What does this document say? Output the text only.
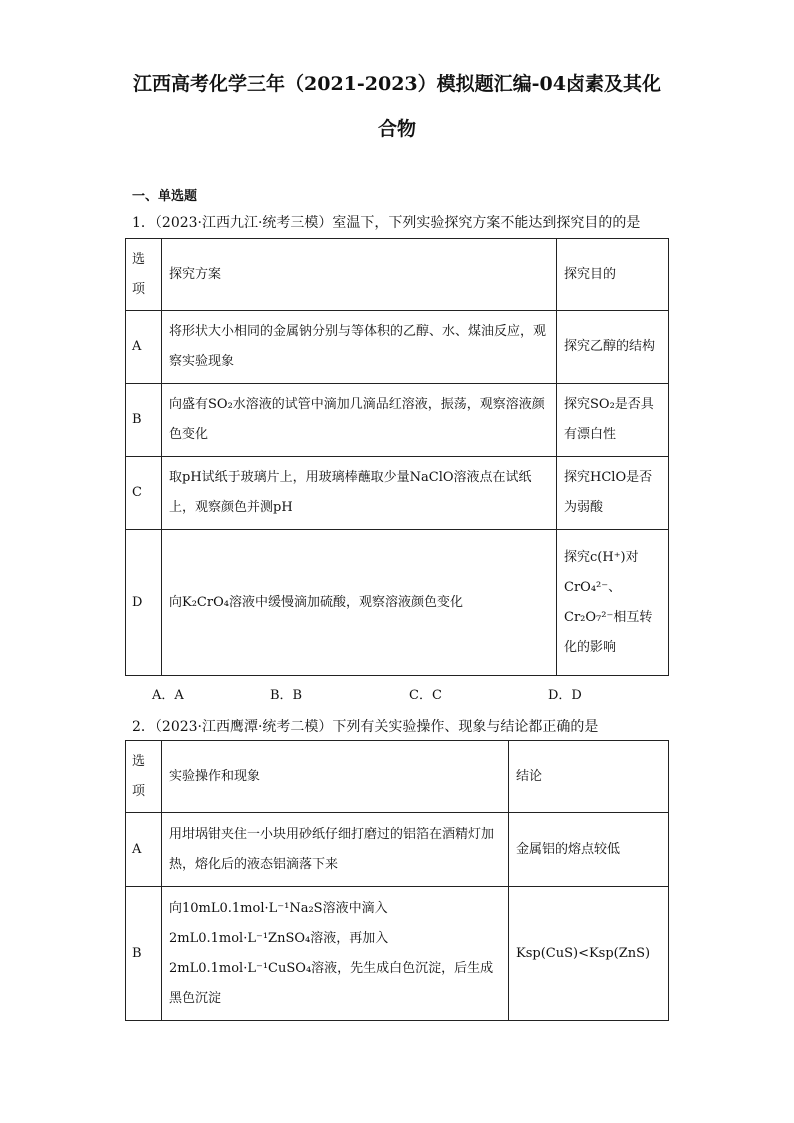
江西高考化学三年（2021-2023）模拟题汇编-04卤素及其化
合物
一、单选题
1．（2023·江西九江·统考三模）室温下，下列实验探究方案不能达到探究目的的是
选项	探究方案	探究目的
A	将形状大小相同的金属钠分别与等体积的乙醇、水、煤油反应，观察实验现象	探究乙醇的结构
B	向盛有SO₂水溶液的试管中滴加几滴品红溶液，振荡，观察溶液颜色变化	探究SO₂是否具有漂白性
C	取pH试纸于玻璃片上，用玻璃棒蘸取少量NaClO溶液点在试纸上，观察颜色并测pH	探究HClO是否为弱酸
D	向K₂CrO₄溶液中缓慢滴加硫酸，观察溶液颜色变化	探究c(H⁺)对CrO₄²⁻、Cr₂O₇²⁻相互转化的影响
A．A	B．B	C．C	D．D
2．（2023·江西鹰潭·统考二模）下列有关实验操作、现象与结论都正确的是
选项	实验操作和现象	结论
A	用坩埚钳夹住一小块用砂纸仔细打磨过的铝箔在酒精灯加热，熔化后的液态铝滴落下来	金属铝的熔点较低
B	向10mL0.1mol·L⁻¹Na₂S溶液中滴入2mL0.1mol·L⁻¹ZnSO₄溶液，再加入2mL0.1mol·L⁻¹CuSO₄溶液，先生成白色沉淀，后生成黑色沉淀	Ksp(CuS)<Ksp(ZnS)
